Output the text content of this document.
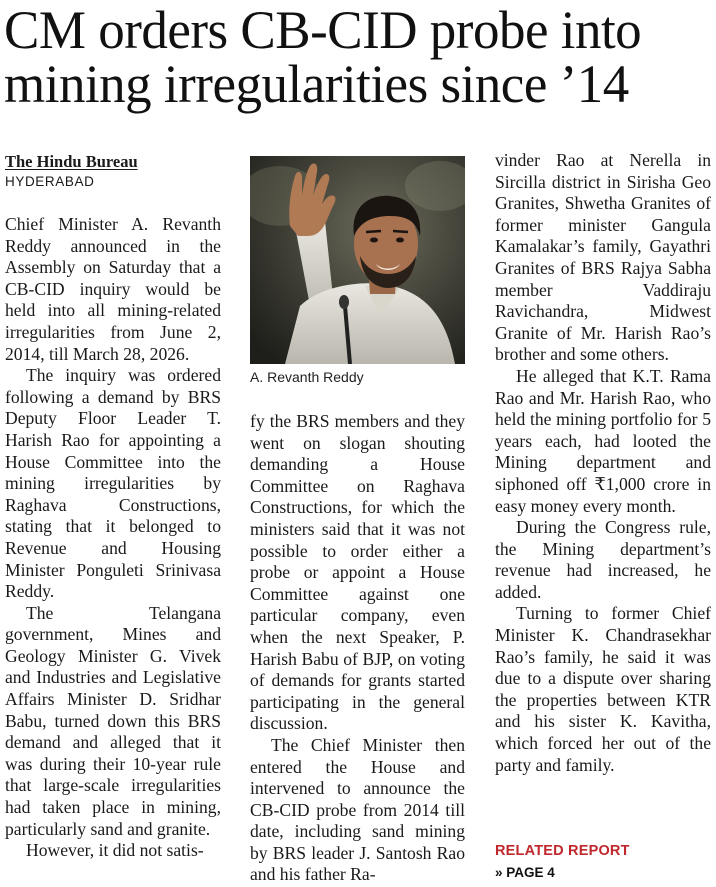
CM orders CB-CID probe into
mining irregularities since ’14
The Hindu Bureau
HYDERABAD

Chief Minister A. Revanth Reddy announced in the Assembly on Saturday that a CB-CID inquiry would be held into all mining-related irregularities from June 2, 2014, till March 28, 2026.

The inquiry was ordered following a demand by BRS Deputy Floor Leader T. Harish Rao for appointing a House Committee into the mining irregularities by Raghava Constructions, stating that it belonged to Revenue and Housing Minister Ponguleti Srinivasa Reddy.

The Telangana government, Mines and Geology Minister G. Vivek and Industries and Legislative Affairs Minister D. Sridhar Babu, turned down this BRS demand and alleged that it was during their 10-year rule that large-scale irregularities had taken place in mining, particularly sand and granite.

However, it did not satis-

A. Revanth Reddy

fy the BRS members and they went on slogan shouting demanding a House Committee on Raghava Constructions, for which the ministers said that it was not possible to order either a probe or appoint a House Committee against one particular company, even when the next Speaker, P. Harish Babu of BJP, on voting of demands for grants started participating in the general discussion.

The Chief Minister then entered the House and intervened to announce the CB-CID probe from 2014 till date, including sand mining by BRS leader J. Santosh Rao and his father Ra-

vinder Rao at Nerella in Sircilla district in Sirisha Geo Granites, Shwetha Granites of former minister Gangula Kamalakar’s family, Gayathri Granites of BRS Rajya Sabha member Vaddiraju Ravichandra, Midwest Granite of Mr. Harish Rao’s brother and some others.

He alleged that K.T. Rama Rao and Mr. Harish Rao, who held the mining portfolio for 5 years each, had looted the Mining department and siphoned off ₹1,000 crore in easy money every month.

During the Congress rule, the Mining department’s revenue had increased, he added.

Turning to former Chief Minister K. Chandrasekhar Rao’s family, he said it was due to a dispute over sharing the properties between KTR and his sister K. Kavitha, which forced her out of the party and family.

RELATED REPORT
» PAGE 4
